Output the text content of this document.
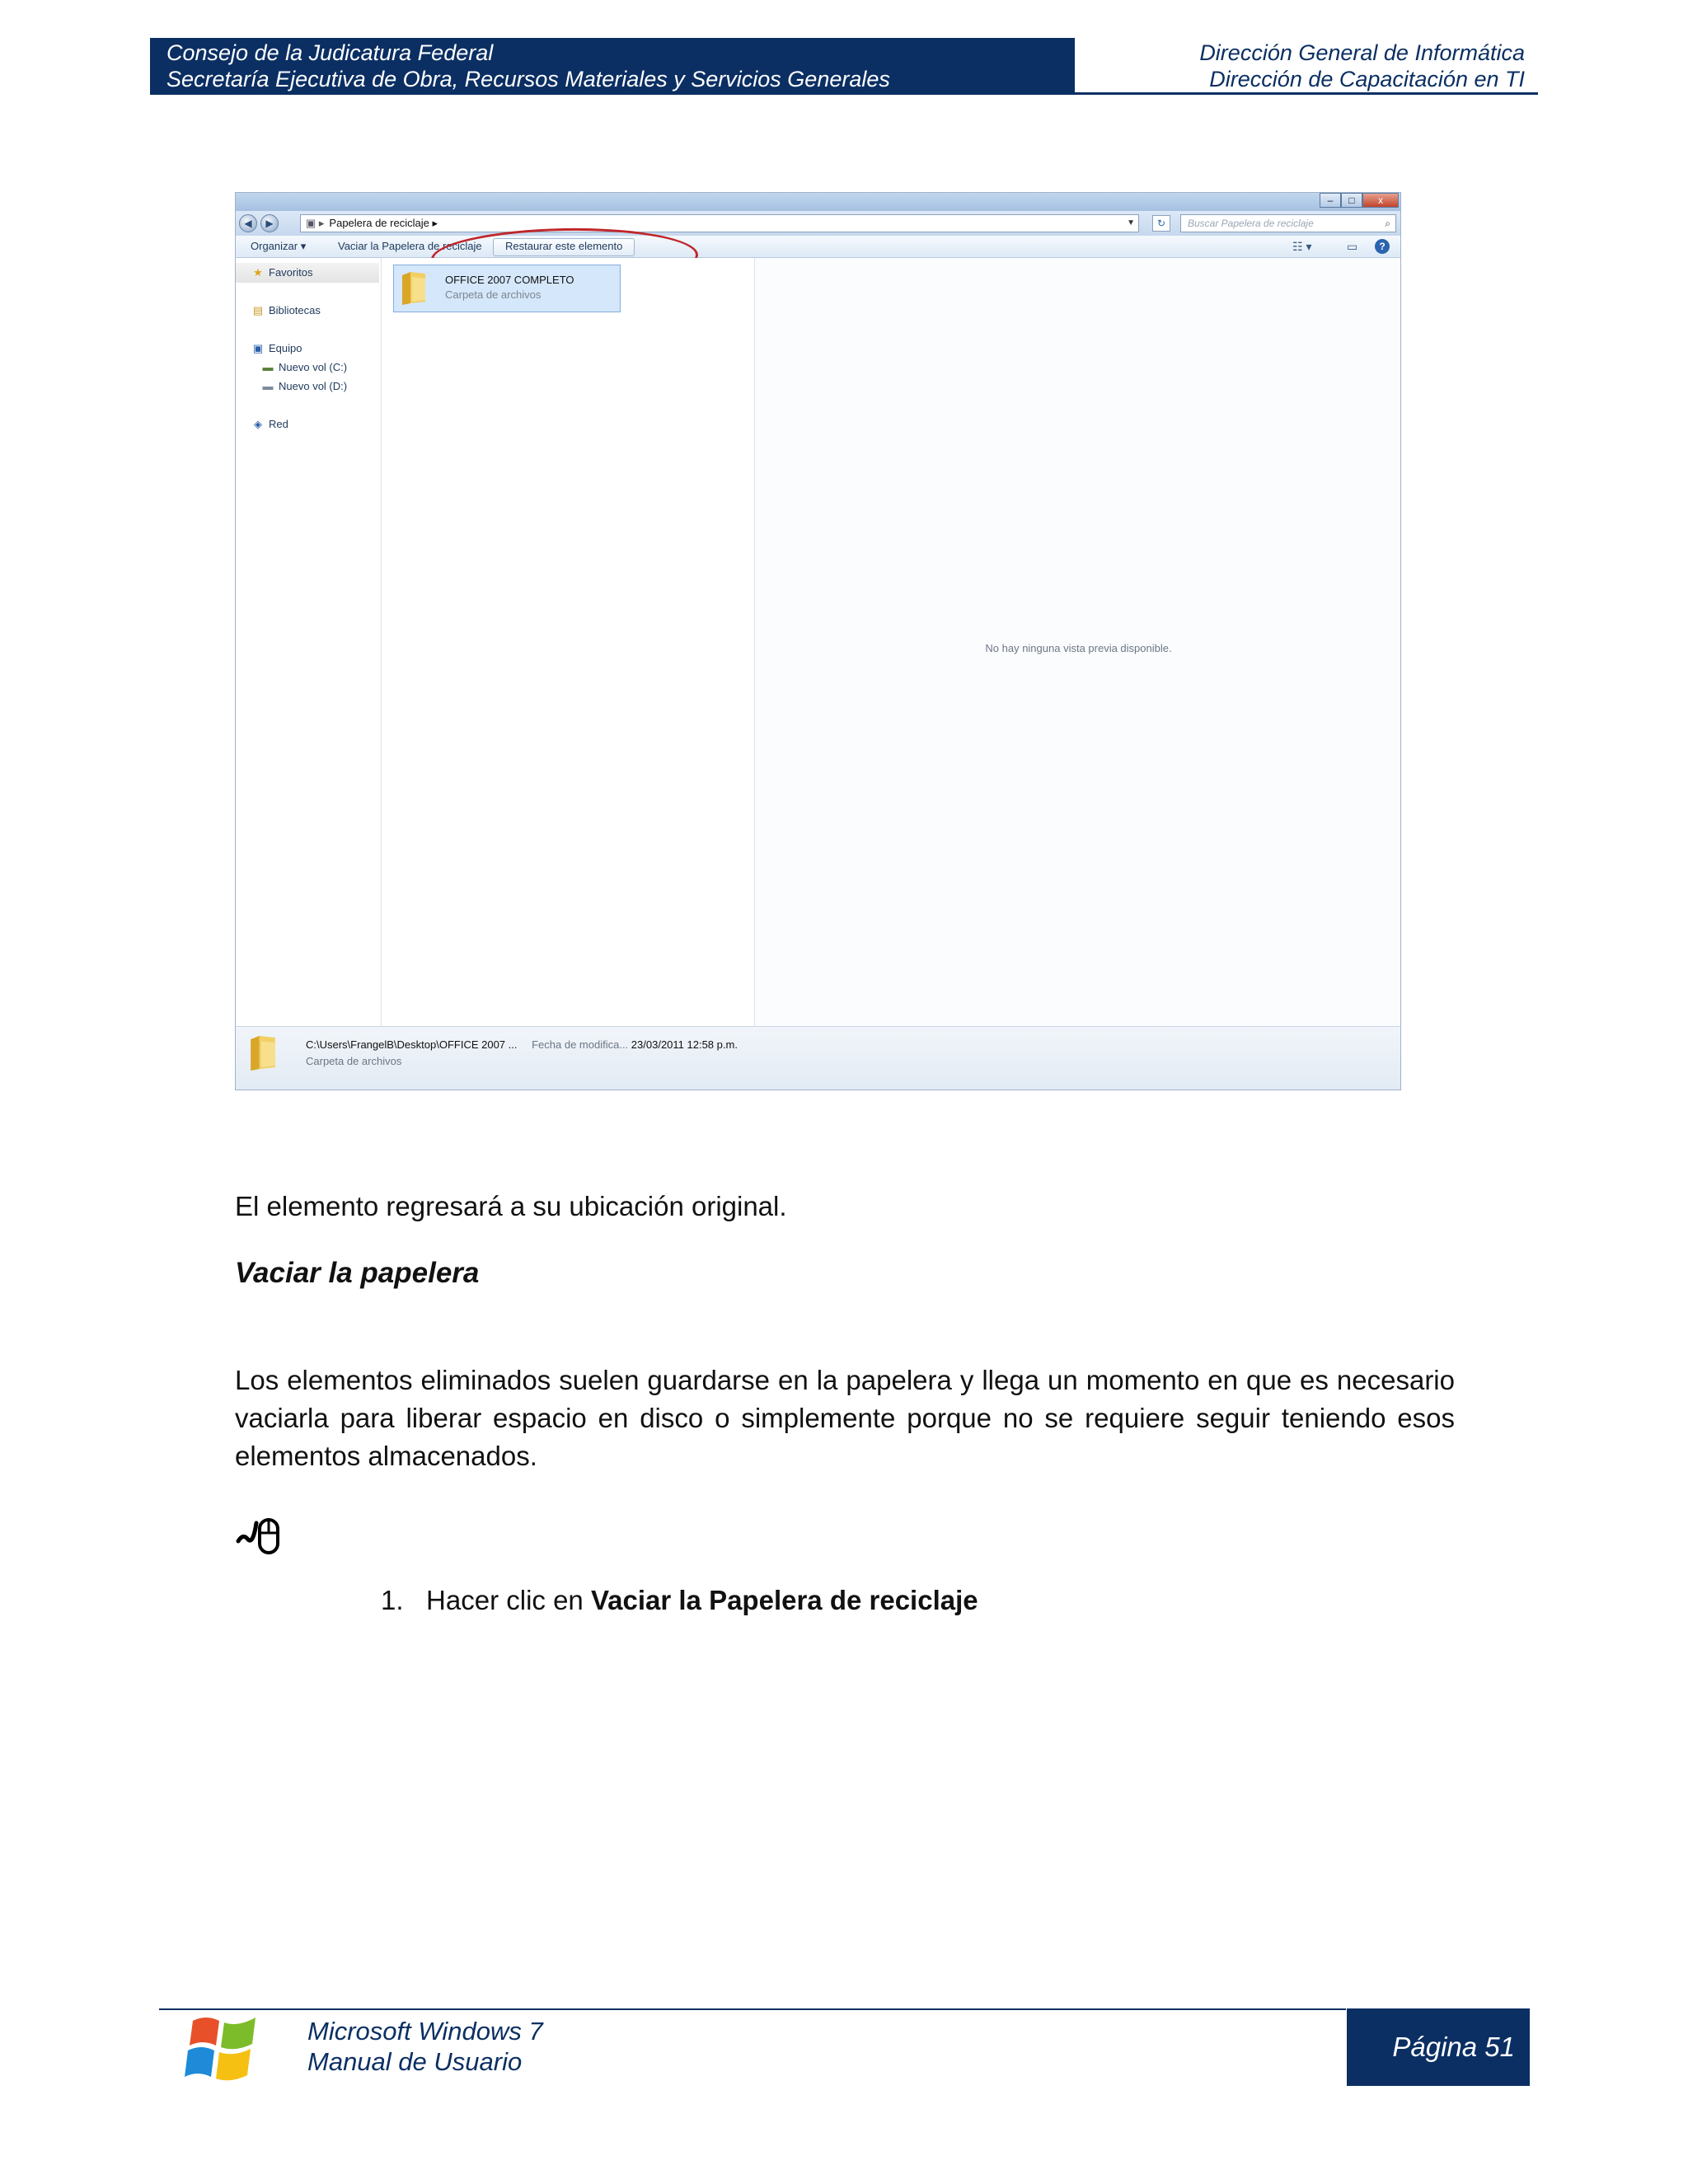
Consejo de la Judicatura Federal
Secretaría Ejecutiva de Obra, Recursos Materiales y Servicios Generales
Dirección General de Informática
Dirección de Capacitación en TI
–	□	x
◀	▶	▣ ▸ Papelera de reciclaje ▸	▼	↻	Buscar Papelera de reciclaje	⌕
Organizar ▾	Vaciar la Papelera de reciclaje	Restaurar este elemento	☷ ▾	▭	?
★ Favoritos
▤ Bibliotecas
▣ Equipo
▬ Nuevo vol (C:)
▬ Nuevo vol (D:)
◈ Red
OFFICE 2007 COMPLETO
Carpeta de archivos
No hay ninguna vista previa disponible.
C:\Users\FrangelB\Desktop\OFFICE 2007 ... Fecha de modifica... 23/03/2011 12:58 p.m.
Carpeta de archivos
El elemento regresará a su ubicación original.
Vaciar la papelera
Los elementos eliminados suelen guardarse en la papelera y llega un momento en que es necesario vaciarla para liberar espacio en disco o simplemente porque no se requiere seguir teniendo esos elementos almacenados.
1. Hacer clic en Vaciar la Papelera de reciclaje
Microsoft Windows 7
Manual de Usuario	Página 51
